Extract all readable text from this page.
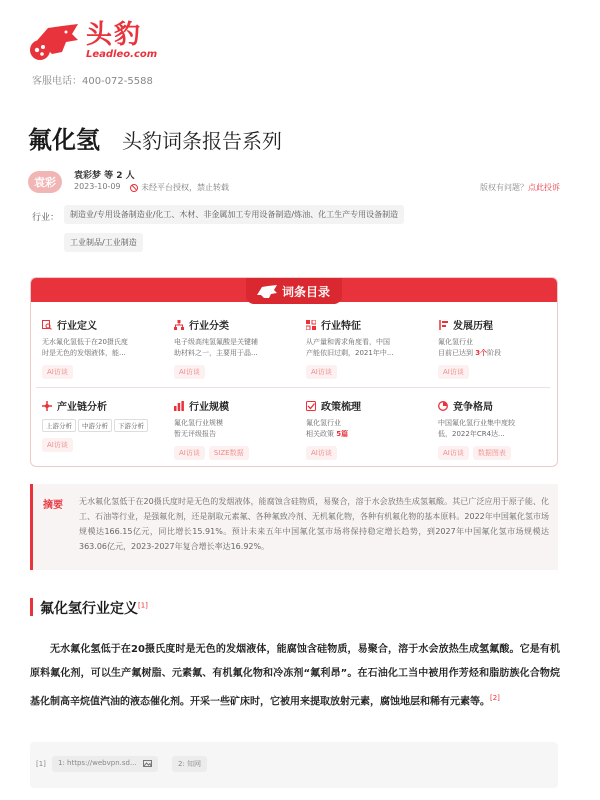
头豹
Leadleo.com
客服电话：400-072-5588
氟化氢 头豹词条报告系列
袁彩	袁彩梦 等 2 人
2023-10-09	未经平台授权，禁止转载	版权有问题？点此投诉
行业：	制造业/专用设备制造业/化工、木材、非金属加工专用设备制造/炼油、化工生产专用设备制造
工业制品/工业制造
词条目录
行业定义
无水氟化氢低于在20摄氏度
时是无色的发烟液体，能...
AI访谈
行业分类
电子级高纯氢氟酸是关键辅
助材料之一，主要用于晶...
AI访谈
行业特征
从产量和需求角度看，中国
产能依旧过剩，2021年中...
AI访谈
发展历程
氟化氢行业
目前已达到 3个阶段
AI访谈
产业链分析
上游分析 中游分析 下游分析
AI访谈
行业规模
氟化氢行业规模
暂无评级报告
AI访谈 SIZE数据
政策梳理
氟化氢行业
相关政策 5篇
AI访谈
竞争格局
中国氟化氢行业集中度较
低，2022年CR4达...
AI访谈 数据图表
摘要 无水氟化氢低于在20摄氏度时是无色的发烟液体，能腐蚀含硅物质，易聚合，溶于水会放热生成氢氟酸。其已广泛应用于原子能、化工、石油等行业，是强氟化剂，还是制取元素氟、各种氟致冷剂、无机氟化物，各种有机氟化物的基本原料。2022年中国氟化氢市场规模达166.15亿元，同比增长15.91%。预计未来五年中国氟化氢市场将保持稳定增长趋势，到2027年中国氟化氢市场规模达363.06亿元，2023-2027年复合增长率达16.92%。
氟化氢行业定义[1]
无水氟化氢低于在20摄氏度时是无色的发烟液体，能腐蚀含硅物质，易聚合，溶于水会放热生成氢氟酸。它是有机原料氟化剂，可以生产氟树脂、元素氟、有机氟化物和冷冻剂“氟利昂”。在石油化工当中被用作芳烃和脂肪族化合物烷基化制高辛烷值汽油的液态催化剂。开采一些矿床时，它被用来提取放射元素，腐蚀地层和稀有元素等。[2]
[1]	1: https://webvpn.sd...	2: 知网
